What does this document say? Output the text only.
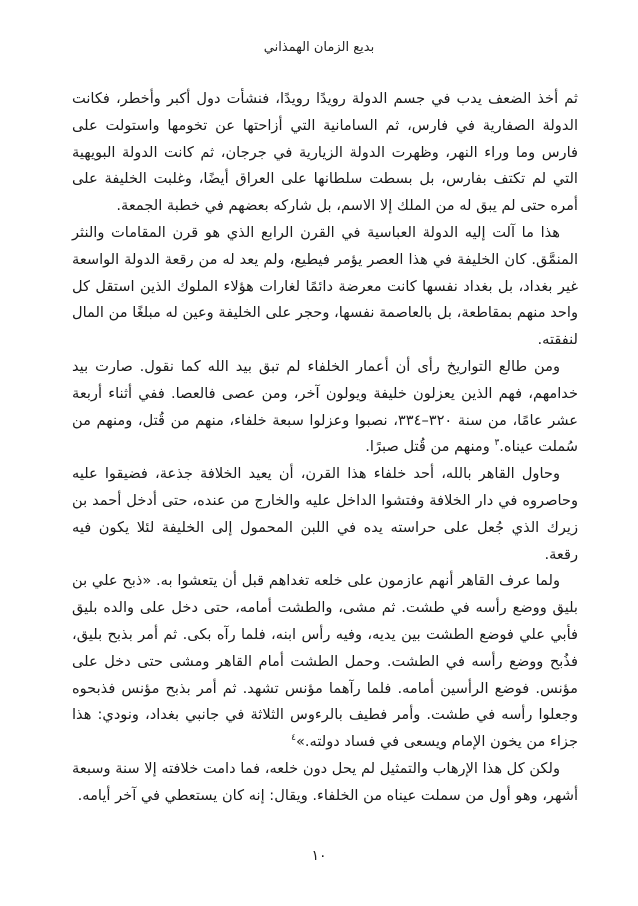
بديع الزمان الهمذاني

ثم أخذ الضعف يدب في جسم الدولة رويدًا رويدًا، فنشأت دول أكبر وأخطر، فكانت الدولة الصفارية في فارس، ثم السامانية التي أزاحتها عن تخومها واستولت على فارس وما وراء النهر، وظهرت الدولة الزيارية في جرجان، ثم كانت الدولة البويهية التي لم تكتف بفارس، بل بسطت سلطانها على العراق أيضًا، وغلبت الخليفة على أمره حتى لم يبق له من الملك إلا الاسم، بل شاركه بعضهم في خطبة الجمعة.

هذا ما آلت إليه الدولة العباسية في القرن الرابع الذي هو قرن المقامات والنثر المنمَّق. كان الخليفة في هذا العصر يؤمر فيطيع، ولم يعد له من رقعة الدولة الواسعة غير بغداد، بل بغداد نفسها كانت معرضة دائمًا لغارات هؤلاء الملوك الذين استقل كل واحد منهم بمقاطعة، بل بالعاصمة نفسها، وحجر على الخليفة وعين له مبلغًا من المال لنفقته.

ومن طالع التواريخ رأى أن أعمار الخلفاء لم تبق بيد الله كما نقول. صارت بيد خدامهم، فهم الذين يعزلون خليفة ويولون آخر، ومن عصى فالعصا. ففي أثناء أربعة عشر عامًا، من سنة ٣٢٠–٣٣٤، نصبوا وعزلوا سبعة خلفاء، منهم من قُتل، ومنهم من سُملت عيناه.$^٣$ ومنهم من قُتل صبرًا.

وحاول القاهر بالله، أحد خلفاء هذا القرن، أن يعيد الخلافة جذعة، فضيقوا عليه وحاصروه في دار الخلافة وفتشوا الداخل عليه والخارج من عنده، حتى أدخل أحمد بن زيرك الذي جُعل على حراسته يده في اللبن المحمول إلى الخليفة لئلا يكون فيه رقعة.

ولما عرف القاهر أنهم عازمون على خلعه تغداهم قبل أن يتعشوا به. «ذبح علي بن بليق ووضع رأسه في طشت. ثم مشى، والطشت أمامه، حتى دخل على والده بليق فأبي علي فوضع الطشت بين يديه، وفيه رأس ابنه، فلما رآه بكى. ثم أمر بذبح بليق، فذُبح ووضع رأسه في الطشت. وحمل الطشت أمام القاهر ومشى حتى دخل على مؤنس. فوضع الرأسين أمامه. فلما رآهما مؤنس تشهد. ثم أمر بذبح مؤنس فذبحوه وجعلوا رأسه في طشت. وأمر فطيف بالرءوس الثلاثة في جانبي بغداد، ونودي: هذا جزاء من يخون الإمام ويسعى في فساد دولته.»$^٤$

ولكن كل هذا الإرهاب والتمثيل لم يحل دون خلعه، فما دامت خلافته إلا سنة وسبعة أشهر، وهو أول من سملت عيناه من الخلفاء. ويقال: إنه كان يستعطي في آخر أيامه.

١٠
